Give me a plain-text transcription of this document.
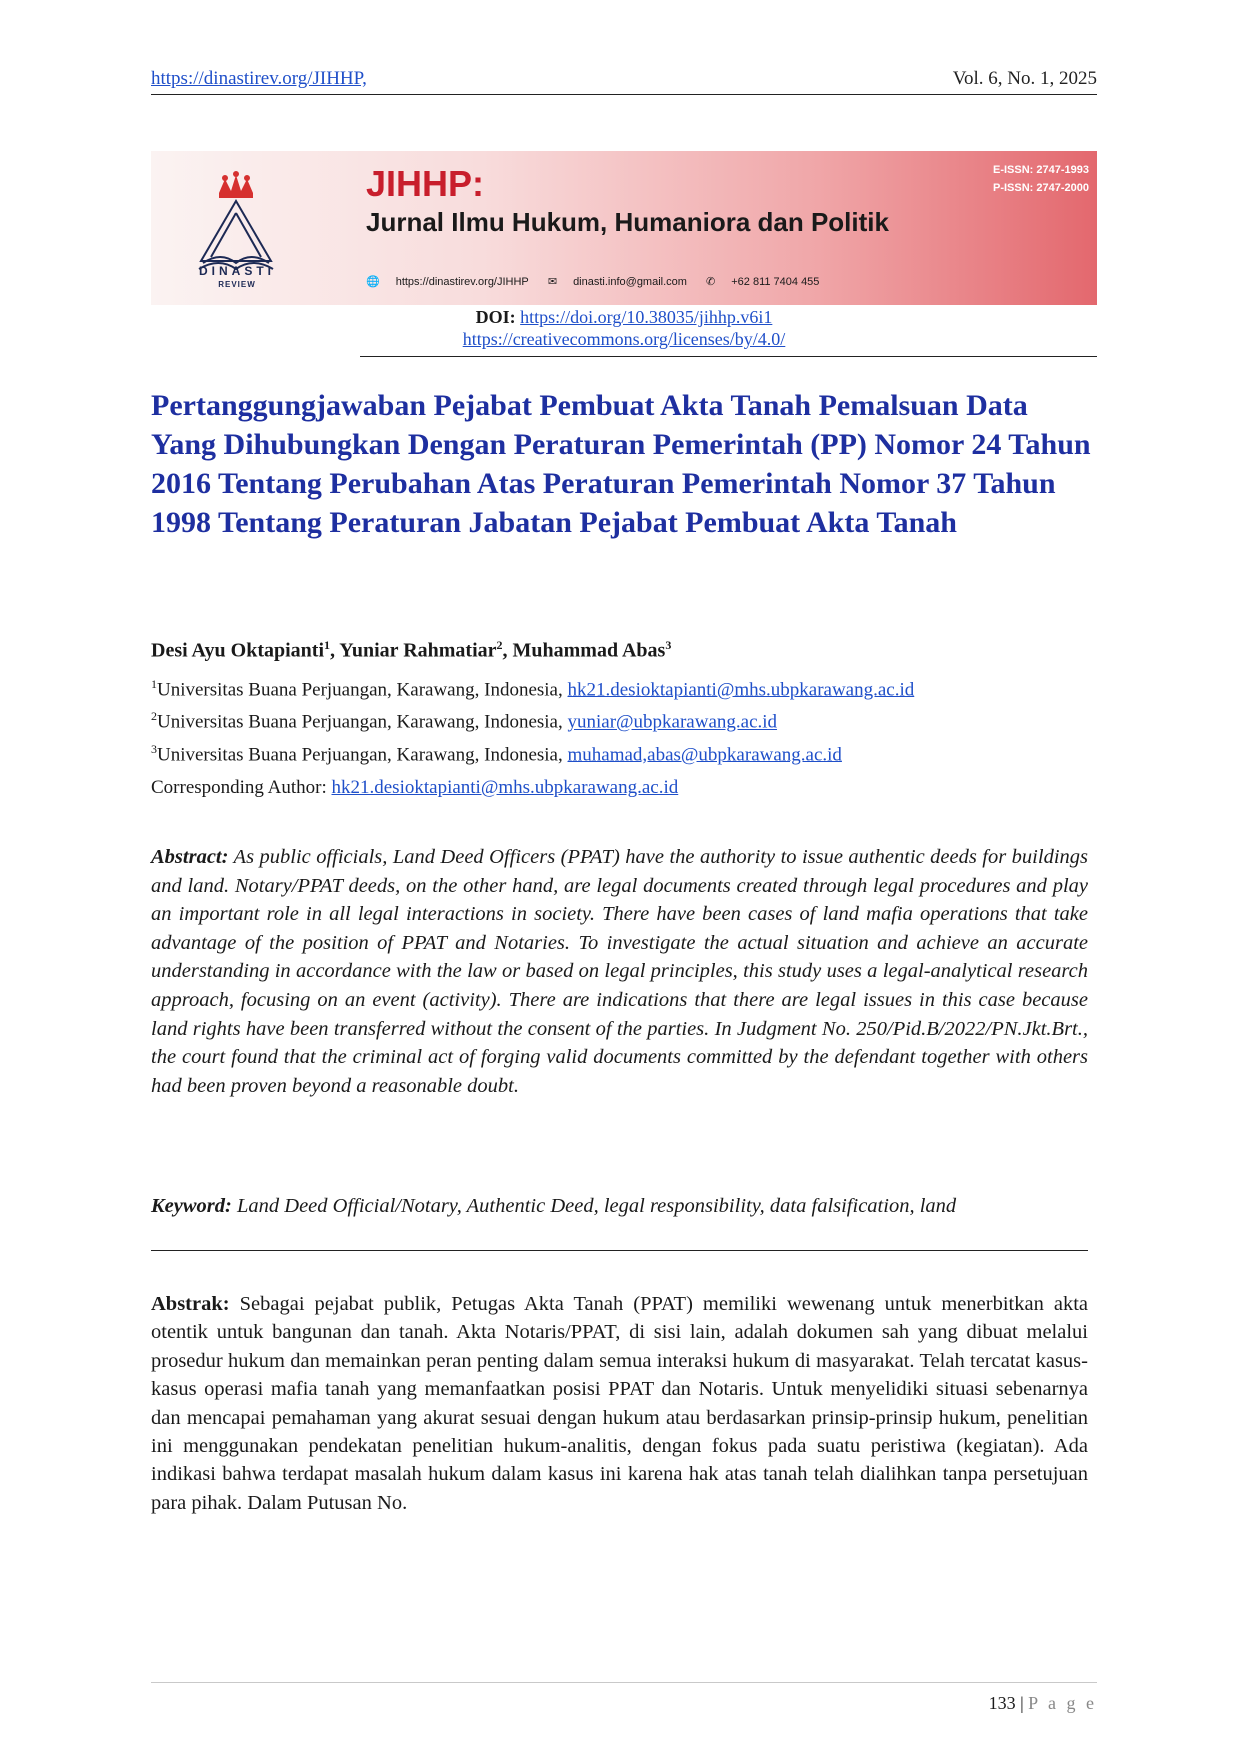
https://dinastirev.org/JIHHP,	Vol. 6, No. 1, 2025
DINASTI
REVIEW
JIHHP:
Jurnal Ilmu Hukum, Humaniora dan Politik
🌐 https://dinastirev.org/JIHHP ✉ dinasti.info@gmail.com ✆ +62 811 7404 455
E-ISSN: 2747-1993
P-ISSN: 2747-2000
DOI: https://doi.org/10.38035/jihhp.v6i1
https://creativecommons.org/licenses/by/4.0/
Pertanggungjawaban Pejabat Pembuat Akta Tanah Pemalsuan Data Yang Dihubungkan Dengan Peraturan Pemerintah (PP) Nomor 24 Tahun 2016 Tentang Perubahan Atas Peraturan Pemerintah Nomor 37 Tahun 1998 Tentang Peraturan Jabatan Pejabat Pembuat Akta Tanah
Desi Ayu Oktapianti$^1$, Yuniar Rahmatiar$^2$, Muhammad Abas$^3$
$^1$Universitas Buana Perjuangan, Karawang, Indonesia, hk21.desioktapianti@mhs.ubpkarawang.ac.id
$^2$Universitas Buana Perjuangan, Karawang, Indonesia, yuniar@ubpkarawang.ac.id
$^3$Universitas Buana Perjuangan, Karawang, Indonesia, muhamad,abas@ubpkarawang.ac.id
Corresponding Author: hk21.desioktapianti@mhs.ubpkarawang.ac.id
Abstract: As public officials, Land Deed Officers (PPAT) have the authority to issue authentic deeds for buildings and land. Notary/PPAT deeds, on the other hand, are legal documents created through legal procedures and play an important role in all legal interactions in society. There have been cases of land mafia operations that take advantage of the position of PPAT and Notaries. To investigate the actual situation and achieve an accurate understanding in accordance with the law or based on legal principles, this study uses a legal-analytical research approach, focusing on an event (activity). There are indications that there are legal issues in this case because land rights have been transferred without the consent of the parties. In Judgment No. 250/Pid.B/2022/PN.Jkt.Brt., the court found that the criminal act of forging valid documents committed by the defendant together with others had been proven beyond a reasonable doubt.
Keyword: Land Deed Official/Notary, Authentic Deed, legal responsibility, data falsification, land
Abstrak: Sebagai pejabat publik, Petugas Akta Tanah (PPAT) memiliki wewenang untuk menerbitkan akta otentik untuk bangunan dan tanah. Akta Notaris/PPAT, di sisi lain, adalah dokumen sah yang dibuat melalui prosedur hukum dan memainkan peran penting dalam semua interaksi hukum di masyarakat. Telah tercatat kasus-kasus operasi mafia tanah yang memanfaatkan posisi PPAT dan Notaris. Untuk menyelidiki situasi sebenarnya dan mencapai pemahaman yang akurat sesuai dengan hukum atau berdasarkan prinsip-prinsip hukum, penelitian ini menggunakan pendekatan penelitian hukum-analitis, dengan fokus pada suatu peristiwa (kegiatan). Ada indikasi bahwa terdapat masalah hukum dalam kasus ini karena hak atas tanah telah dialihkan tanpa persetujuan para pihak. Dalam Putusan No.
133 | P a g e
